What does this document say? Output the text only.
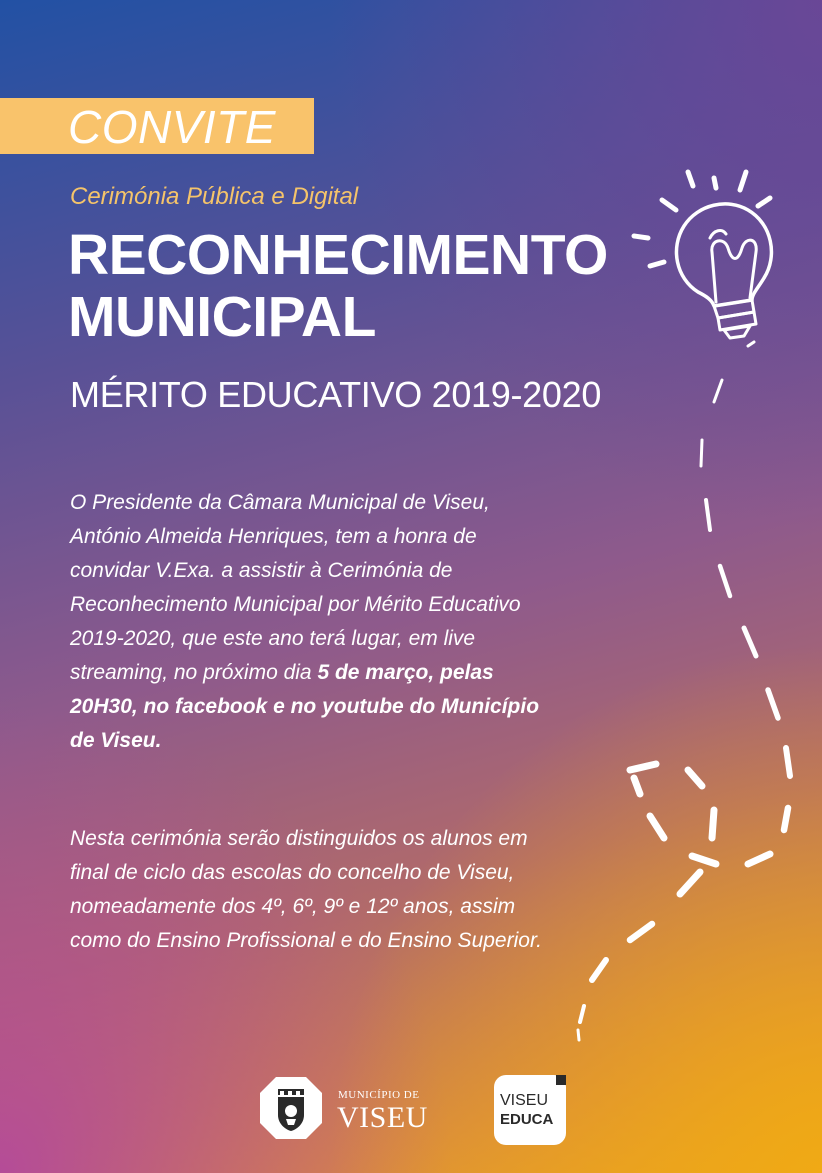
CONVITE
Cerimónia Pública e Digital
RECONHECIMENTO
MUNICIPAL
MÉRITO EDUCATIVO 2019-2020

O Presidente da Câmara Municipal de Viseu, António Almeida Henriques, tem a honra de convidar V.Exa. a assistir à Cerimónia de Reconhecimento Municipal por Mérito Educativo 2019-2020, que este ano terá lugar, em live streaming, no próximo dia 5 de março, pelas 20H30, no facebook e no youtube do Município de Viseu.

Nesta cerimónia serão distinguidos os alunos em final de ciclo das escolas do concelho de Viseu, nomeadamente dos 4º, 6º, 9º e 12º anos, assim como do Ensino Profissional e do Ensino Superior.

MUNICÍPIO DE
VISEU
VISEU
EDUCA
